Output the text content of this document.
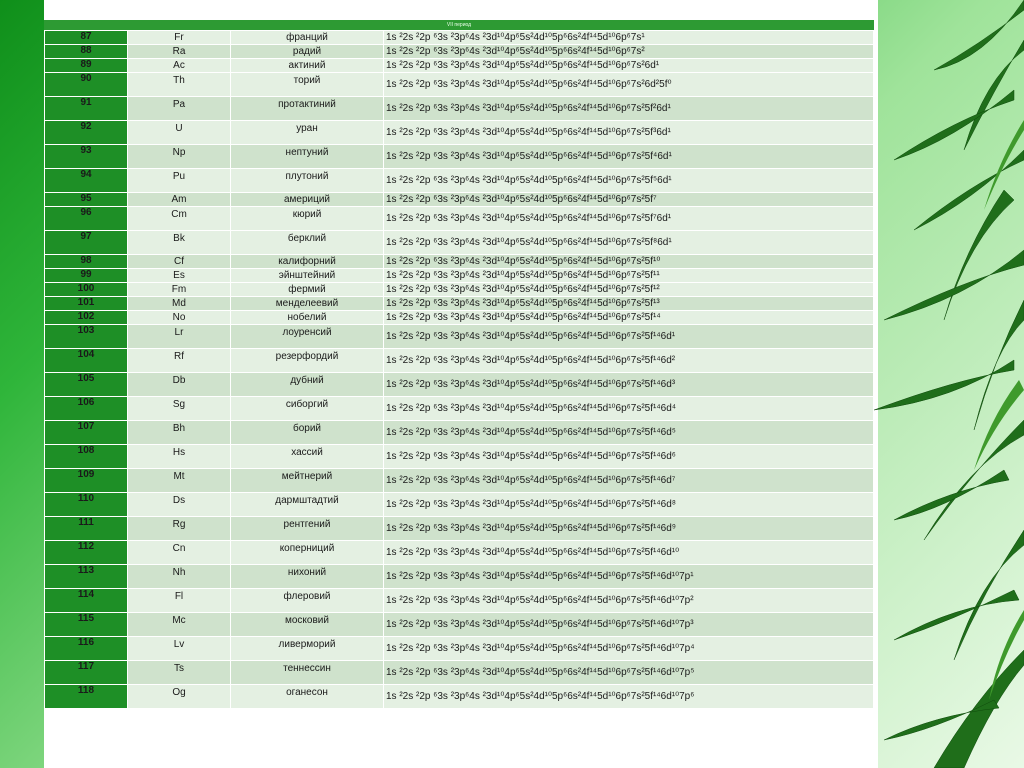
VII период
87	Fr	франций	1s ²2s ²2p ⁶3s ²3p⁶4s ²3d¹⁰4p⁶5s²4d¹⁰5p⁶6s²4f¹⁴5d¹⁰6p⁶7s¹
88	Ra	радий	1s ²2s ²2p ⁶3s ²3p⁶4s ²3d¹⁰4p⁶5s²4d¹⁰5p⁶6s²4f¹⁴5d¹⁰6p⁶7s²
89	Ac	актиний	1s ²2s ²2p ⁶3s ²3p⁶4s ²3d¹⁰4p⁶5s²4d¹⁰5p⁶6s²4f¹⁴5d¹⁰6p⁶7s²6d¹
90	Th	торий	1s ²2s ²2p ⁶3s ²3p⁶4s ²3d¹⁰4p⁶5s²4d¹⁰5p⁶6s²4f¹⁴5d¹⁰6p⁶7s²6d²5f⁰
91	Pa	протактиний	1s ²2s ²2p ⁶3s ²3p⁶4s ²3d¹⁰4p⁶5s²4d¹⁰5p⁶6s²4f¹⁴5d¹⁰6p⁶7s²5f²6d¹
92	U	уран	1s ²2s ²2p ⁶3s ²3p⁶4s ²3d¹⁰4p⁶5s²4d¹⁰5p⁶6s²4f¹⁴5d¹⁰6p⁶7s²5f³6d¹
93	Np	нептуний	1s ²2s ²2p ⁶3s ²3p⁶4s ²3d¹⁰4p⁶5s²4d¹⁰5p⁶6s²4f¹⁴5d¹⁰6p⁶7s²5f⁴6d¹
94	Pu	плутоний	1s ²2s ²2p ⁶3s ²3p⁶4s ²3d¹⁰4p⁶5s²4d¹⁰5p⁶6s²4f¹⁴5d¹⁰6p⁶7s²5f⁵6d¹
95	Am	америций	1s ²2s ²2p ⁶3s ²3p⁶4s ²3d¹⁰4p⁶5s²4d¹⁰5p⁶6s²4f¹⁴5d¹⁰6p⁶7s²5f⁷
96	Cm	кюрий	1s ²2s ²2p ⁶3s ²3p⁶4s ²3d¹⁰4p⁶5s²4d¹⁰5p⁶6s²4f¹⁴5d¹⁰6p⁶7s²5f⁷6d¹
97	Bk	берклий	1s ²2s ²2p ⁶3s ²3p⁶4s ²3d¹⁰4p⁶5s²4d¹⁰5p⁶6s²4f¹⁴5d¹⁰6p⁶7s²5f⁸6d¹
98	Cf	калифорний	1s ²2s ²2p ⁶3s ²3p⁶4s ²3d¹⁰4p⁶5s²4d¹⁰5p⁶6s²4f¹⁴5d¹⁰6p⁶7s²5f¹⁰
99	Es	эйнштейний	1s ²2s ²2p ⁶3s ²3p⁶4s ²3d¹⁰4p⁶5s²4d¹⁰5p⁶6s²4f¹⁴5d¹⁰6p⁶7s²5f¹¹
100	Fm	фермий	1s ²2s ²2p ⁶3s ²3p⁶4s ²3d¹⁰4p⁶5s²4d¹⁰5p⁶6s²4f¹⁴5d¹⁰6p⁶7s²5f¹²
101	Md	менделеевий	1s ²2s ²2p ⁶3s ²3p⁶4s ²3d¹⁰4p⁶5s²4d¹⁰5p⁶6s²4f¹⁴5d¹⁰6p⁶7s²5f¹³
102	No	нобелий	1s ²2s ²2p ⁶3s ²3p⁶4s ²3d¹⁰4p⁶5s²4d¹⁰5p⁶6s²4f¹⁴5d¹⁰6p⁶7s²5f¹⁴
103	Lr	лоуренсий	1s ²2s ²2p ⁶3s ²3p⁶4s ²3d¹⁰4p⁶5s²4d¹⁰5p⁶6s²4f¹⁴5d¹⁰6p⁶7s²5f¹⁴6d¹
104	Rf	резерфордий	1s ²2s ²2p ⁶3s ²3p⁶4s ²3d¹⁰4p⁶5s²4d¹⁰5p⁶6s²4f¹⁴5d¹⁰6p⁶7s²5f¹⁴6d²
105	Db	дубний	1s ²2s ²2p ⁶3s ²3p⁶4s ²3d¹⁰4p⁶5s²4d¹⁰5p⁶6s²4f¹⁴5d¹⁰6p⁶7s²5f¹⁴6d³
106	Sg	сиборгий	1s ²2s ²2p ⁶3s ²3p⁶4s ²3d¹⁰4p⁶5s²4d¹⁰5p⁶6s²4f¹⁴5d¹⁰6p⁶7s²5f¹⁴6d⁴
107	Bh	борий	1s ²2s ²2p ⁶3s ²3p⁶4s ²3d¹⁰4p⁶5s²4d¹⁰5p⁶6s²4f¹⁴5d¹⁰6p⁶7s²5f¹⁴6d⁵
108	Hs	хассий	1s ²2s ²2p ⁶3s ²3p⁶4s ²3d¹⁰4p⁶5s²4d¹⁰5p⁶6s²4f¹⁴5d¹⁰6p⁶7s²5f¹⁴6d⁶
109	Mt	мейтнерий	1s ²2s ²2p ⁶3s ²3p⁶4s ²3d¹⁰4p⁶5s²4d¹⁰5p⁶6s²4f¹⁴5d¹⁰6p⁶7s²5f¹⁴6d⁷
110	Ds	дармштадтий	1s ²2s ²2p ⁶3s ²3p⁶4s ²3d¹⁰4p⁶5s²4d¹⁰5p⁶6s²4f¹⁴5d¹⁰6p⁶7s²5f¹⁴6d⁸
111	Rg	рентгений	1s ²2s ²2p ⁶3s ²3p⁶4s ²3d¹⁰4p⁶5s²4d¹⁰5p⁶6s²4f¹⁴5d¹⁰6p⁶7s²5f¹⁴6d⁹
112	Cn	коперниций	1s ²2s ²2p ⁶3s ²3p⁶4s ²3d¹⁰4p⁶5s²4d¹⁰5p⁶6s²4f¹⁴5d¹⁰6p⁶7s²5f¹⁴6d¹⁰
113	Nh	нихоний	1s ²2s ²2p ⁶3s ²3p⁶4s ²3d¹⁰4p⁶5s²4d¹⁰5p⁶6s²4f¹⁴5d¹⁰6p⁶7s²5f¹⁴6d¹⁰7p¹
114	Fl	флеровий	1s ²2s ²2p ⁶3s ²3p⁶4s ²3d¹⁰4p⁶5s²4d¹⁰5p⁶6s²4f¹⁴5d¹⁰6p⁶7s²5f¹⁴6d¹⁰7p²
115	Mc	московий	1s ²2s ²2p ⁶3s ²3p⁶4s ²3d¹⁰4p⁶5s²4d¹⁰5p⁶6s²4f¹⁴5d¹⁰6p⁶7s²5f¹⁴6d¹⁰7p³
116	Lv	ливерморий	1s ²2s ²2p ⁶3s ²3p⁶4s ²3d¹⁰4p⁶5s²4d¹⁰5p⁶6s²4f¹⁴5d¹⁰6p⁶7s²5f¹⁴6d¹⁰7p⁴
117	Ts	теннессин	1s ²2s ²2p ⁶3s ²3p⁶4s ²3d¹⁰4p⁶5s²4d¹⁰5p⁶6s²4f¹⁴5d¹⁰6p⁶7s²5f¹⁴6d¹⁰7p⁵
118	Og	оганесон	1s ²2s ²2p ⁶3s ²3p⁶4s ²3d¹⁰4p⁶5s²4d¹⁰5p⁶6s²4f¹⁴5d¹⁰6p⁶7s²5f¹⁴6d¹⁰7p⁶
